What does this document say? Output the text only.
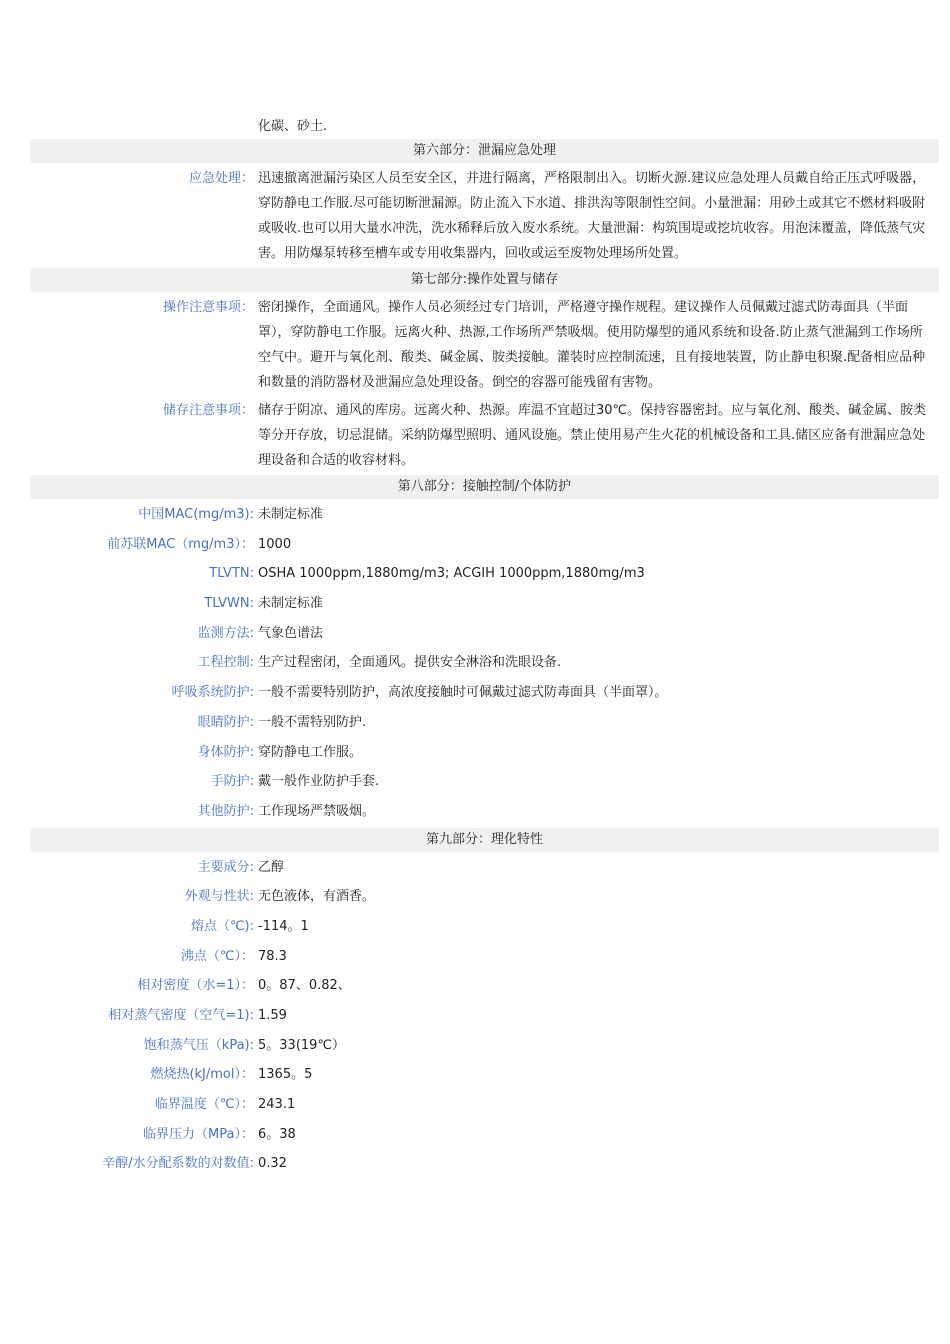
化碳、砂土.
第六部分：泄漏应急处理
应急处理： 迅速撤离泄漏污染区人员至安全区，并进行隔离，严格限制出入。切断火源.建议应急处理人员戴自给正压式呼吸器，穿防静电工作服.尽可能切断泄漏源。防止流入下水道、排洪沟等限制性空间。小量泄漏：用砂土或其它不燃材料吸附或吸收.也可以用大量水冲洗，洗水稀释后放入废水系统。大量泄漏：构筑围堤或挖坑收容。用泡沫覆盖，降低蒸气灾害。用防爆泵转移至槽车或专用收集器内，回收或运至废物处理场所处置。
第七部分:操作处置与储存
操作注意事项： 密闭操作，全面通风。操作人员必须经过专门培训，严格遵守操作规程。建议操作人员佩戴过滤式防毒面具（半面罩），穿防静电工作服。远离火种、热源,工作场所严禁吸烟。使用防爆型的通风系统和设备.防止蒸气泄漏到工作场所空气中。避开与氧化剂、酸类、碱金属、胺类接触。灌装时应控制流速，且有接地装置，防止静电积聚.配备相应品种和数量的消防器材及泄漏应急处理设备。倒空的容器可能残留有害物。
储存注意事项： 储存于阴凉、通风的库房。远离火种、热源。库温不宜超过30℃。保持容器密封。应与氧化剂、酸类、碱金属、胺类等分开存放，切忌混储。采纳防爆型照明、通风设施。禁止使用易产生火花的机械设备和工具.储区应备有泄漏应急处理设备和合适的收容材料。
第八部分：接触控制/个体防护
中国MAC(mg/m3): 未制定标准
前苏联MAC（mg/m3）： 1000
TLVTN: OSHA 1000ppm,1880mg/m3; ACGIH 1000ppm,1880mg/m3
TLVWN: 未制定标准
监测方法: 气象色谱法
工程控制: 生产过程密闭，全面通风。提供安全淋浴和洗眼设备.
呼吸系统防护: 一般不需要特别防护，高浓度接触时可佩戴过滤式防毒面具（半面罩）。
眼睛防护: 一般不需特别防护.
身体防护: 穿防静电工作服。
手防护: 戴一般作业防护手套.
其他防护: 工作现场严禁吸烟。
第九部分：理化特性
主要成分: 乙醇
外观与性状: 无色液体，有酒香。
熔点（℃): -114。1
沸点（℃）： 78.3
相对密度（水=1）： 0。87、0.82、
相对蒸气密度（空气=1): 1.59
饱和蒸气压（kPa): 5。33(19℃）
燃烧热(kJ/mol）： 1365。5
临界温度（℃）： 243.1
临界压力（MPa）： 6。38
辛醇/水分配系数的对数值: 0.32
